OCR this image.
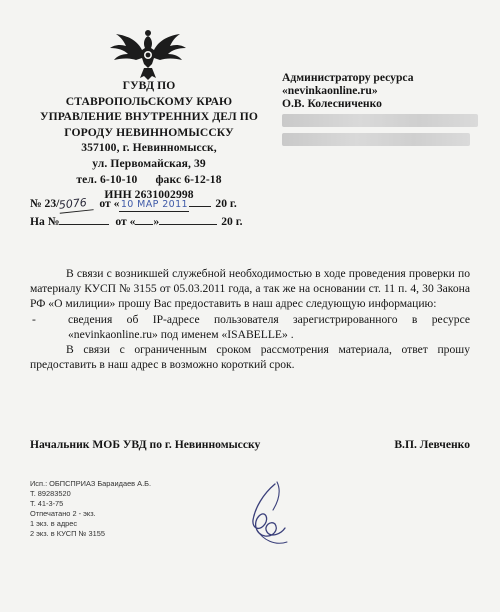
ГУВД ПО
СТАВРОПОЛЬСКОМУ КРАЮ
УПРАВЛЕНИЕ ВНУТРЕННИХ ДЕЛ ПО
ГОРОДУ НЕВИННОМЫССКУ
357100, г. Невинномысск,
ул. Первомайская, 39
тел. 6-10-10 факс 6-12-18
ИНН 2631002998
Администратору ресурса
«nevinkaonline.ru»
О.В. Колесниченко
№ 23/ 5076 от « 10 МАР 2011 20 г.
На №	от « »	20 г.

В связи с возникшей служебной необходимостью в ходе проведения проверки по материалу КУСП № 3155 от 05.03.2011 года, а так же на основании ст. 11 п. 4, 30 Закона РФ «О милиции» прошу Вас предоставить в наш адрес следующую информацию:

-	сведения об IP-адресе пользователя зарегистрированного в ресурсе «nevinkaonline.ru» под именем «ISABELLE» .

В связи с ограниченным сроком рассмотрения материала, ответ прошу предоставить в наш адрес в возможно короткий срок.

Начальник МОБ УВД по г. Невинномысску	В.П. Левченко
Исп.: ОБПСПРИАЗ Бараидаев А.Б.
Т. 89283520
Т. 41-3-75
Отпечатано 2 - экз.
1 экз. в адрес
2 экз. в КУСП № 3155
